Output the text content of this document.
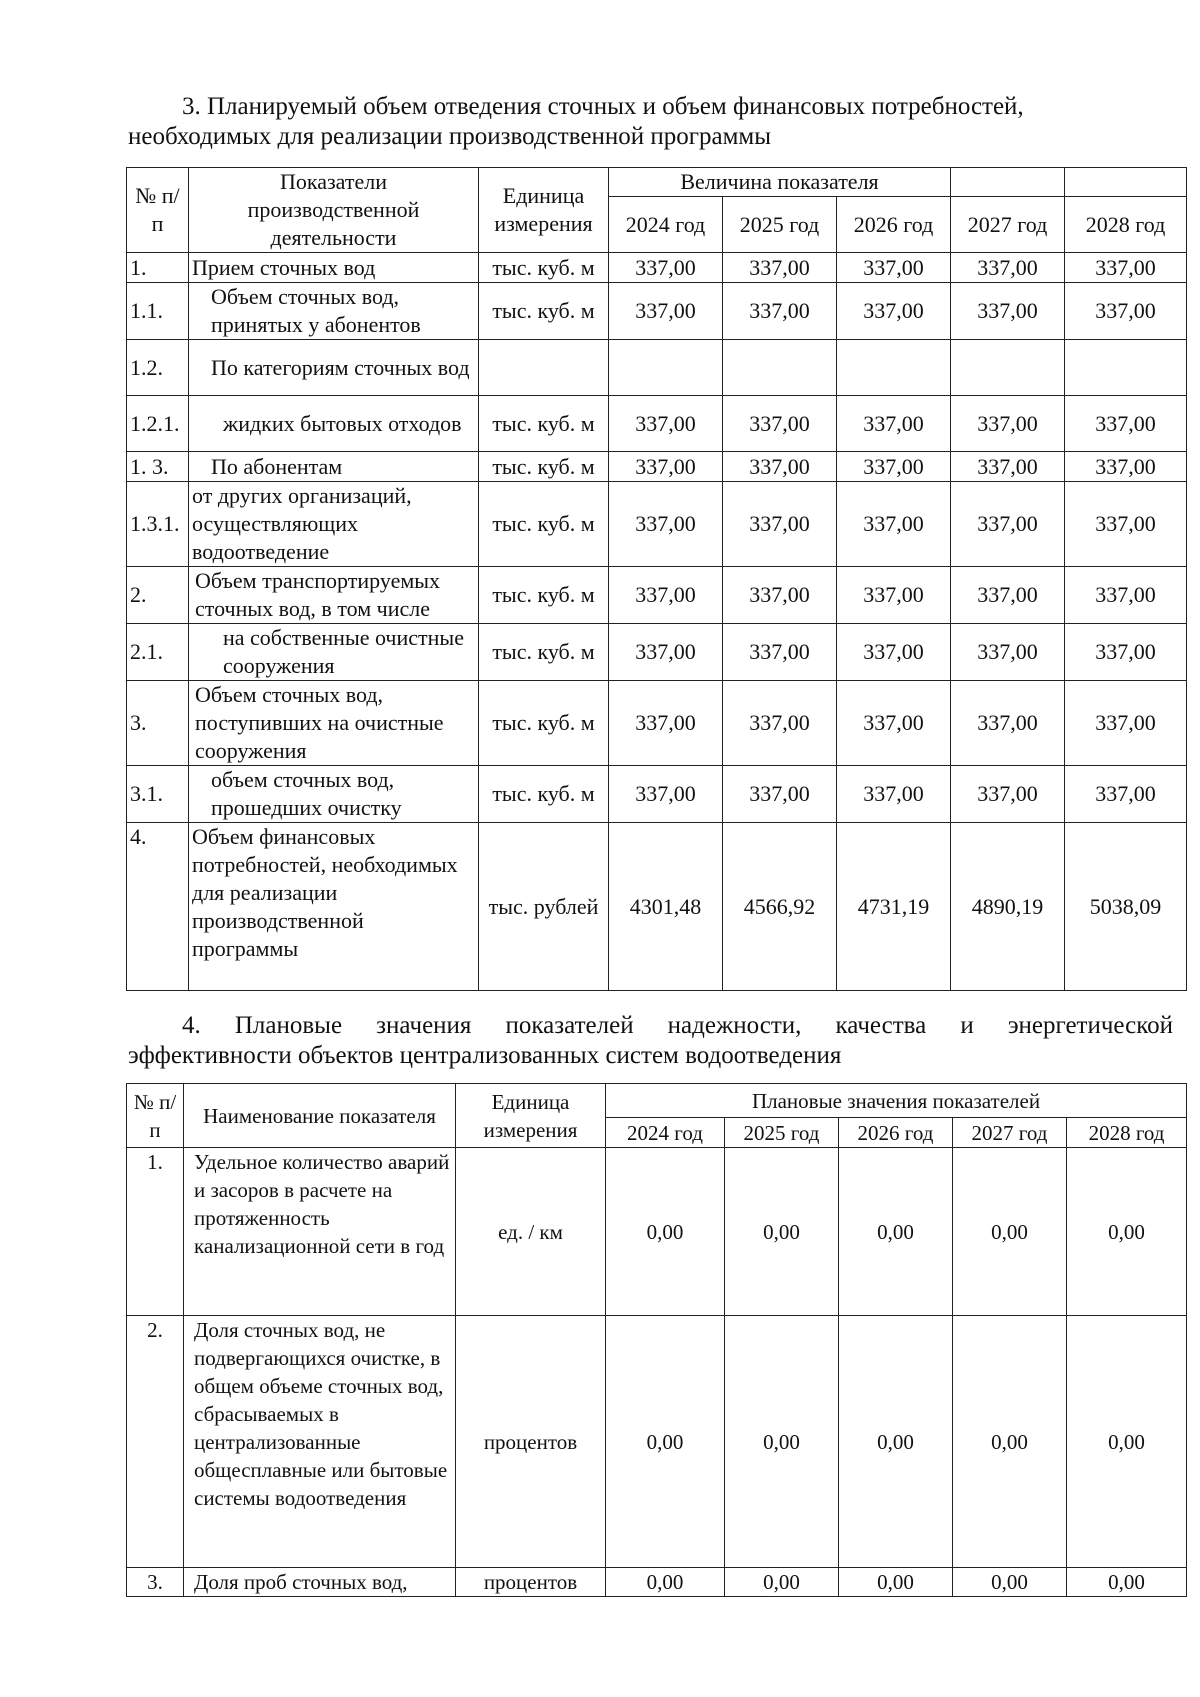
3. Планируемый объем отведения сточных и объем финансовых потребностей,
необходимых для реализации производственной программы
№ п/п	Показатели производственной деятельности	Единица измерения	Величина показателя				
			2024 год	2025 год	2026 год	2027 год	2028 год
1.	Прием сточных вод	тыс. куб. м	337,00	337,00	337,00	337,00	337,00
1.1.	Объем сточных вод, принятых у абонентов	тыс. куб. м	337,00	337,00	337,00	337,00	337,00
1.2.	По категориям сточных вод						
1.2.1.	жидких бытовых отходов	тыс. куб. м	337,00	337,00	337,00	337,00	337,00
1. 3.	По абонентам	тыс. куб. м	337,00	337,00	337,00	337,00	337,00
1.3.1.	от других организаций, осуществляющих водоотведение	тыс. куб. м	337,00	337,00	337,00	337,00	337,00
2.	Объем транспортируемых сточных вод, в том числе	тыс. куб. м	337,00	337,00	337,00	337,00	337,00
2.1.	на собственные очистные сооружения	тыс. куб. м	337,00	337,00	337,00	337,00	337,00
3.	Объем сточных вод, поступивших на очистные сооружения	тыс. куб. м	337,00	337,00	337,00	337,00	337,00
3.1.	объем сточных вод, прошедших очистку	тыс. куб. м	337,00	337,00	337,00	337,00	337,00
4.	Объем финансовых потребностей, необходимых для реализации производственной программы	тыс. рублей	4301,48	4566,92	4731,19	4890,19	5038,09
4. Плановые значения показателей надежности, качества и энергетической
эффективности объектов централизованных систем водоотведения
№ п/п	Наименование показателя	Единица измерения	Плановые значения показателей				
			2024 год	2025 год	2026 год	2027 год	2028 год
1.	Удельное количество аварий и засоров в расчете на протяженность канализационной сети в год	ед. / км	0,00	0,00	0,00	0,00	0,00
2.	Доля сточных вод, не подвергающихся очистке, в общем объеме сточных вод, сбрасываемых в централизованные общесплавные или бытовые системы водоотведения	процентов	0,00	0,00	0,00	0,00	0,00
3.	Доля проб сточных вод,	процентов	0,00	0,00	0,00	0,00	0,00
